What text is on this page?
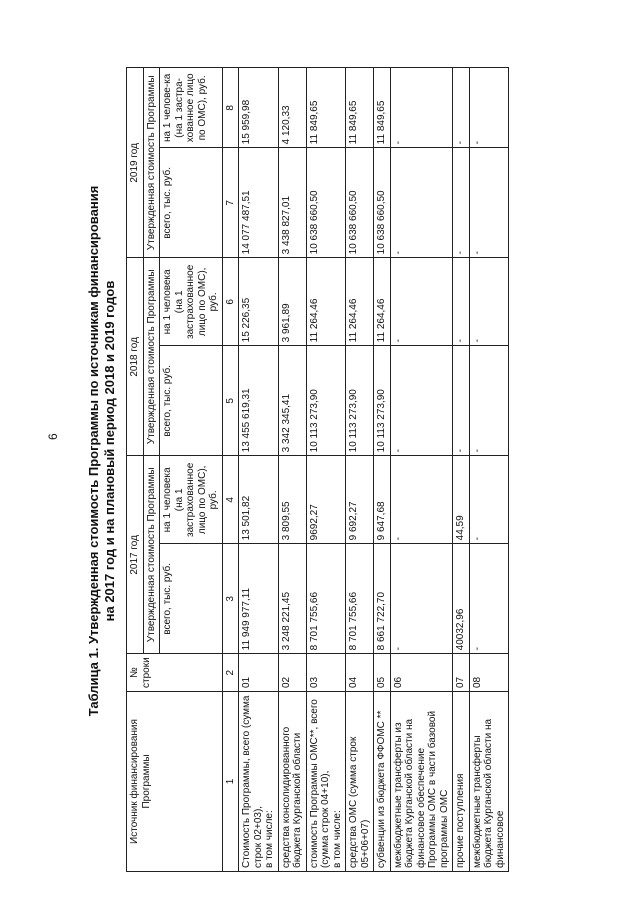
6 Таблица 1. Утвержденная стоимость Программы по источникам финансирования на 2017 год и на плановый период 2018 и 2019 годов
Источник финансирования Программы	№ строки	2017 год		2018 год		2019 год	
		Утвержденная стоимость Программы		Утвержденная стоимость Программы		Утвержденная стоимость Программы	
		всего, тыс. руб.	на 1 человека (на 1 застрахованное лицо по ОМС), руб.	всего, тыс. руб.	на 1 человека (на 1 застрахованное лицо по ОМС), руб.	всего, тыс. руб.	на 1 челове-ка (на 1 застра-хованное лицо по ОМС), руб.
1	2	3	4	5	6	7	8
Стоимость Программы, всего (сумма строк 02+03),
в том числе:	01	11 949 977,11	13 501,82	13 455 619,31	15 226,35	14 077 487,51	15 959,98
средства консолидированного бюджета Курганской области	02	3 248 221,45	3 809,55	3 342 345,41	3 961,89	3 438 827,01	4 120,33
стоимость Программы ОМС**, всего (сумма строк 04+10),
в том числе:	03	8 701 755,66	9692,27	10 113 273,90	11 264,46	10 638 660,50	11 849,65
средства ОМС (сумма строк 05+06+07)	04	8 701 755,66	9 692,27	10 113 273,90	11 264,46	10 638 660,50	11 849,65
субвенции из бюджета ФФОМС **	05	8 661 722,70	9 647,68	10 113 273,90	11 264,46	10 638 660,50	11 849,65
межбюджетные трансферты из бюджета Курганской области на финансовое обеспечение Программы ОМС в части базовой программы ОМС	06	-	-	-	-	-	-
прочие поступления	07	40032,96	44,59	-	-	-	-
межбюджетные трансферты бюджета Курганской области на финансовое	08	-	-	-	-	-	-
